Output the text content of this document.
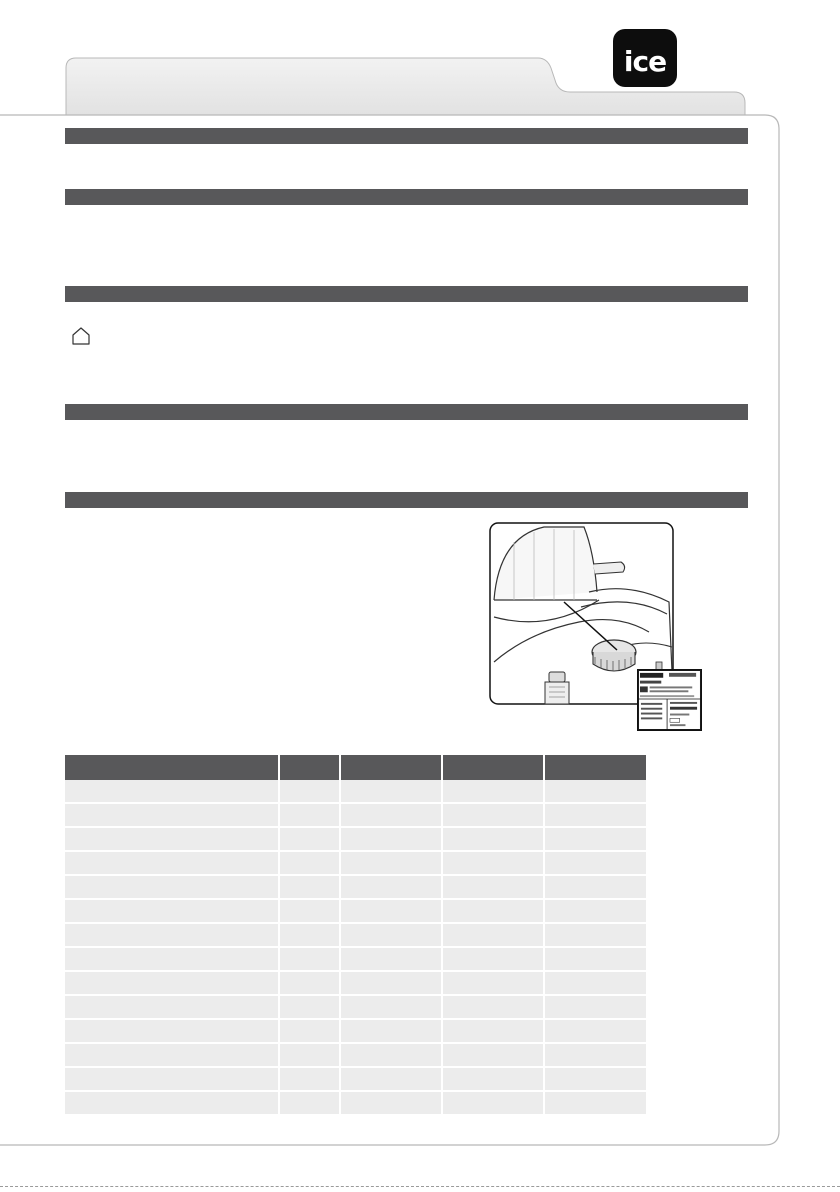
ice
